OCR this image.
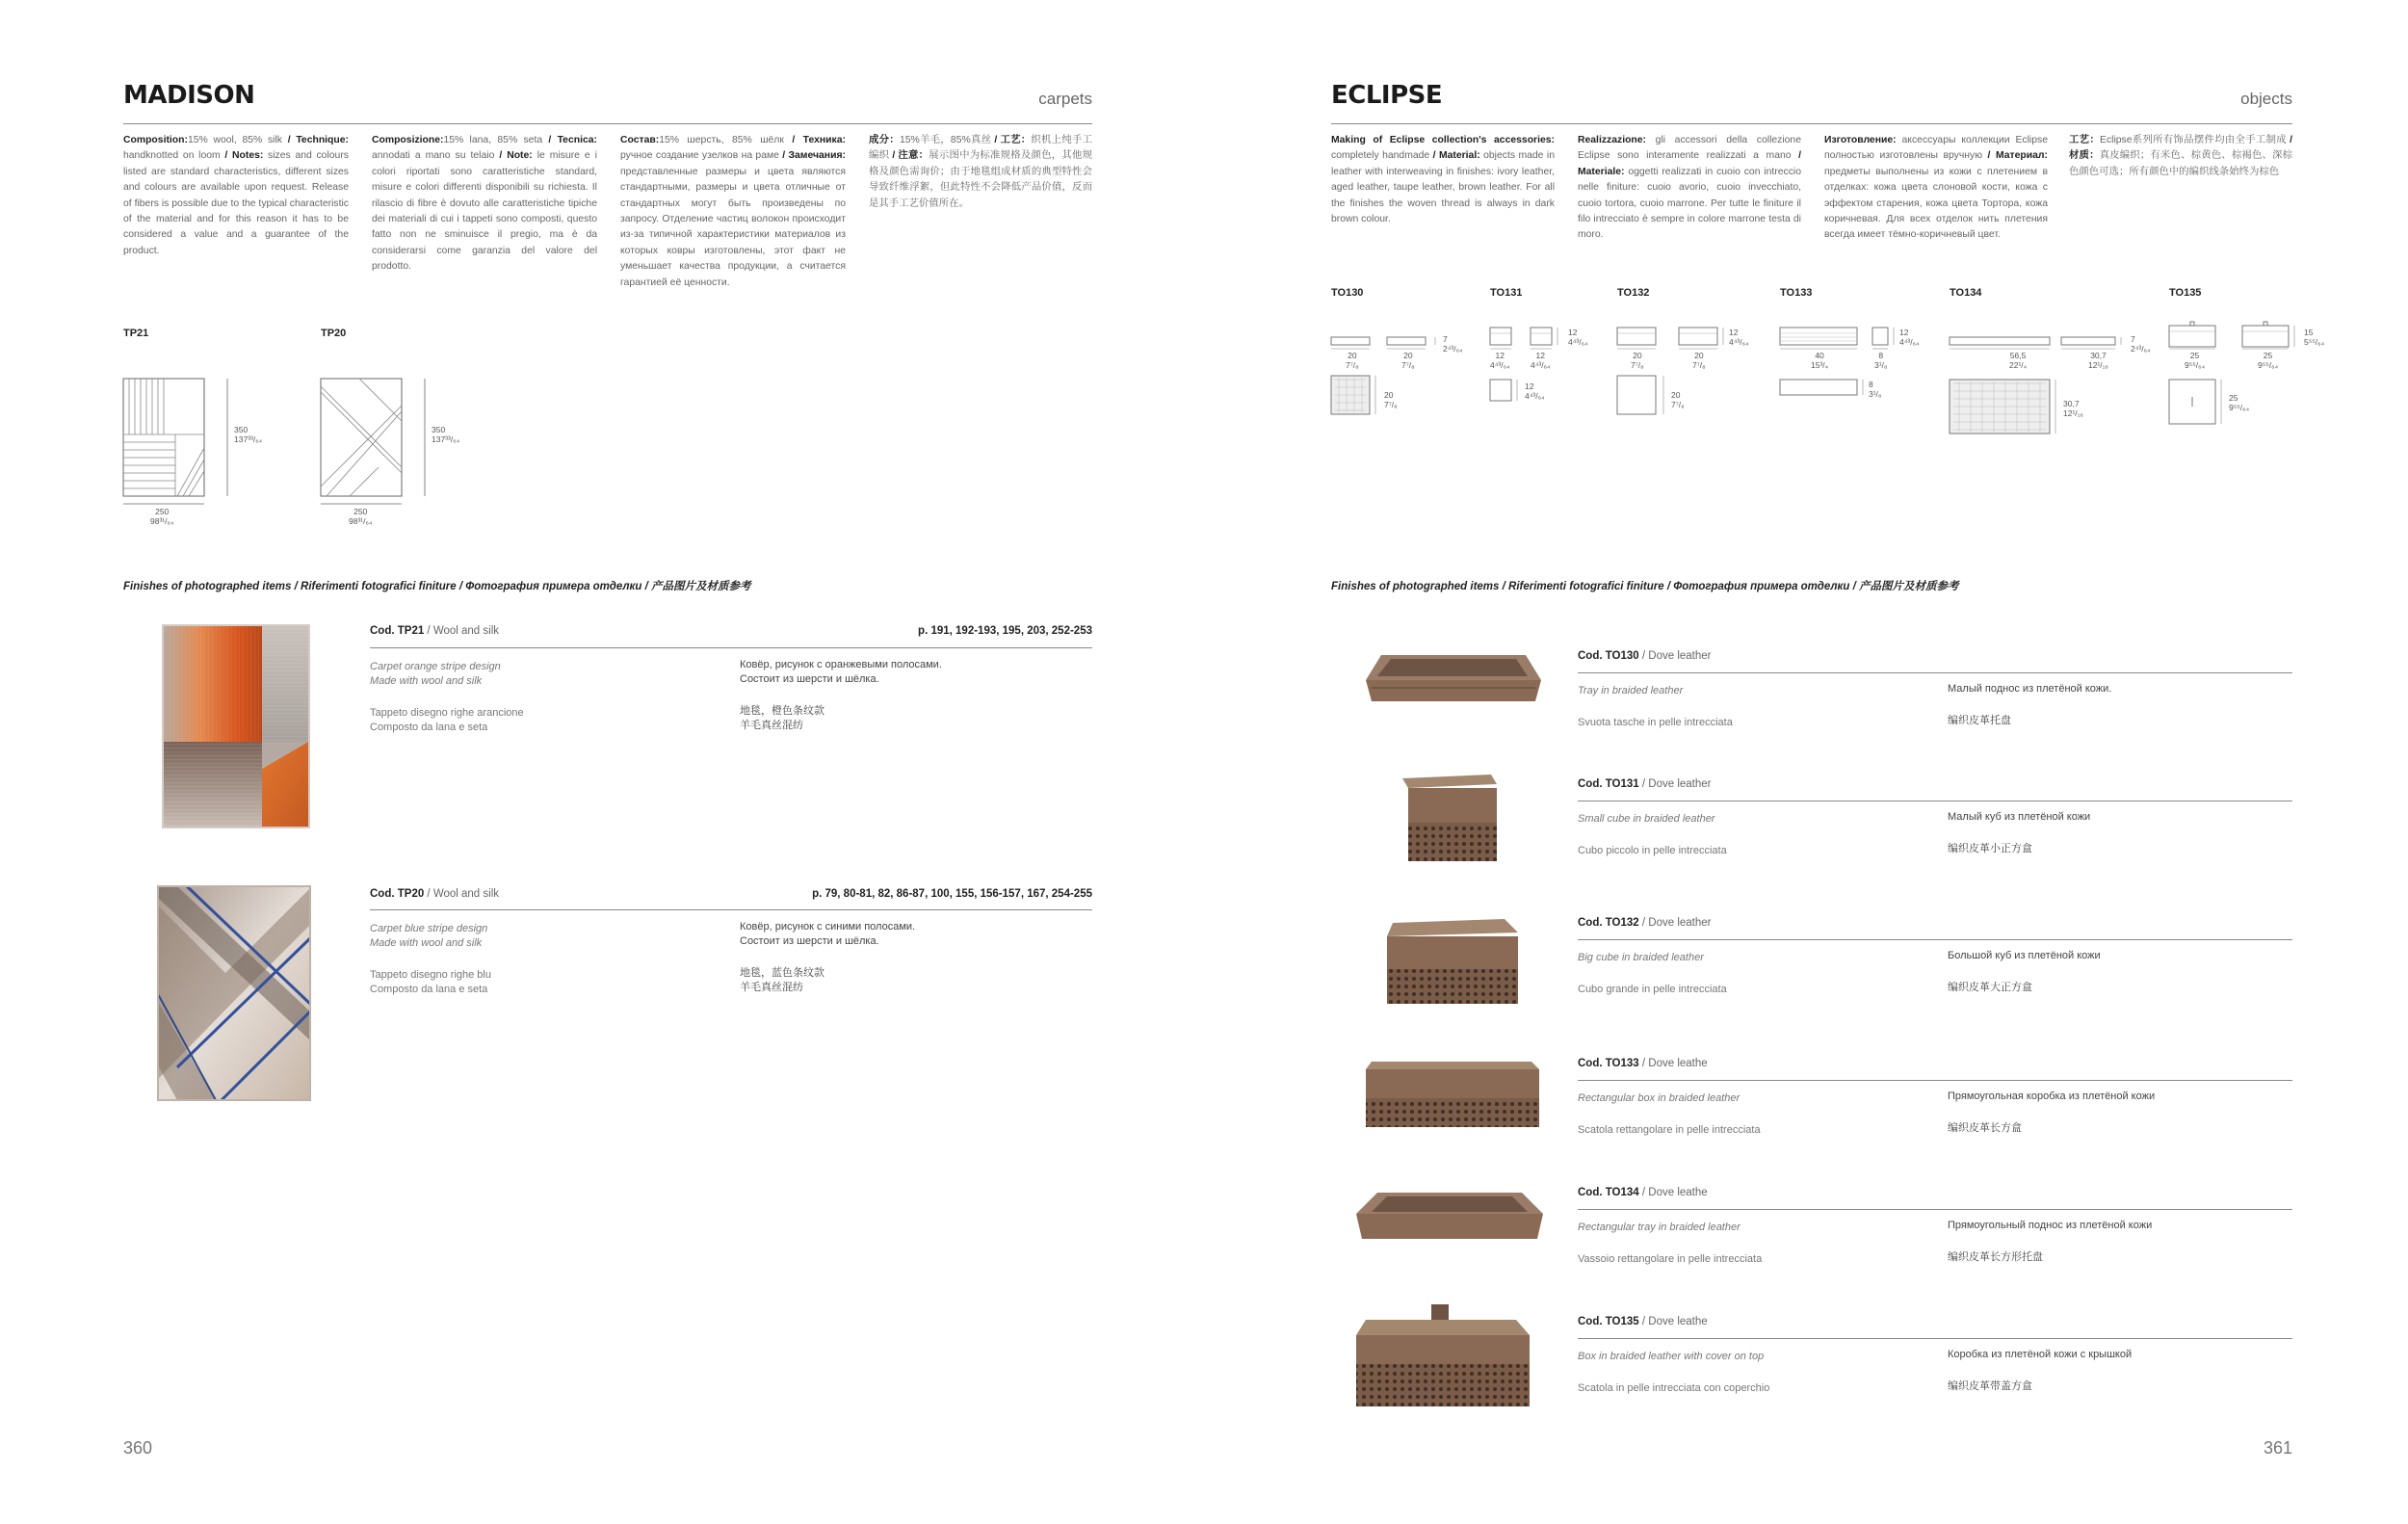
MADISON	carpets
Composition:15% wool, 85% silk / Technique: handknotted on loom / Notes: sizes and colours listed are standard characteristics, different sizes and colours are available upon request. Release of fibers is possible due to the typical characteristic of the material and for this reason it has to be considered a value and a guarantee of the product.
Composizione:15% lana, 85% seta / Tecnica: annodati a mano su telaio / Note: le misure e i colori riportati sono caratteristiche standard, misure e colori differenti disponibili su richiesta. Il rilascio di fibre è dovuto alle caratteristiche tipiche dei materiali di cui i tappeti sono composti, questo fatto non ne sminuisce il pregio, ma è da considerarsi come garanzia del valore del prodotto.
Состав:15% шерсть, 85% шёлк / Техника: ручное создание узелков на раме / Замечания: представленные размеры и цвета являются стандартными, размеры и цвета отличные от стандартных могут быть произведены по запросу. Отделение частиц волокон происходит из-за типичной характеристики материалов из которых ковры изготовлены, этот факт не уменьшает качества продукции, а считается гарантией её ценности.
成分：15%羊毛，85%真丝 / 工艺：织机上纯手工编织 / 注意：展示图中为标准规格及颜色，其他规格及颜色需询价；由于地毯组成材质的典型特性会导致纤维浮絮，但此特性不会降低产品价值，反而是其手工艺价值所在。
TP21	TP20
350
137³³/₆₄
250
98³¹/₆₄
350
137³³/₆₄
250
98³¹/₆₄
Finishes of photographed items / Riferimenti fotografici finiture / Фотография примера отделки / 产品图片及材质参考
Cod. TP21 / Wool and silk	p. 191, 192-193, 195, 203, 252-253
Carpet orange stripe design
Made with wool and silk
Tappeto disegno righe arancione
Composto da lana e seta
Ковёр, рисунок с оранжевыми полосами.
Состоит из шерсти и шёлка.
地毯，橙色条纹款
羊毛真丝混纺
Cod. TP20 / Wool and silk	p. 79, 80-81, 82, 86-87, 100, 155, 156-157, 167, 254-255
Carpet blue stripe design
Made with wool and silk
Tappeto disegno righe blu
Composto da lana e seta
Ковёр, рисунок с синими полосами.
Состоит из шерсти и шёлка.
地毯，蓝色条纹款
羊毛真丝混纺
360
ECLIPSE	objects
Making of Eclipse collection's accessories: completely handmade / Material: objects made in leather with interweaving in finishes: ivory leather, aged leather, taupe leather, brown leather. For all the finishes the woven thread is always in dark brown colour.
Realizzazione: gli accessori della collezione Eclipse sono interamente realizzati a mano / Materiale: oggetti realizzati in cuoio con intreccio nelle finiture: cuoio avorio, cuoio invecchiato, cuoio tortora, cuoio marrone. Per tutte le finiture il filo intrecciato è sempre in colore marrone testa di moro.
Изготовление: аксессуары коллекции Eclipse полностью изготовлены вручную / Материал: предметы выполнены из кожи с плетением в отделках: кожа цвета слоновой кости, кожа с эффектом старения, кожа цвета Тортора, кожа коричневая. Для всех отделок нить плетения всегда имеет тёмно-коричневый цвет.
工艺：Eclipse系列所有饰品摆件均由全手工制成 / 材质：真皮编织；有米色、棕黄色、棕褐色、深棕色颜色可选；所有颜色中的编织线条始终为棕色
TO130	TO131	TO132	TO133	TO134	TO135
20
7⁷/₈
20
7⁷/₈
7
2⁴³/₆₄
20
7⁷/₈
12
4⁴³/₆₄
12
4⁴³/₆₄
12
4⁴³/₆₄
12
4⁴³/₆₄
20
7⁷/₈
20
7⁷/₈
12
4⁴³/₆₄
20
7⁷/₈
40
15³/₄
8
3¹/₈
12
4⁴³/₆₄
8
3¹/₈
56,5
22¹/₄
30,7
12¹/₁₆
7
2⁴³/₆₄
30,7
12¹/₁₆
25
9⁵⁵/₆₄
25
9⁵⁵/₆₄
15
5⁵⁵/₆₄
25
9⁵⁵/₆₄
Finishes of photographed items / Riferimenti fotografici finiture / Фотография примера отделки / 产品图片及材质参考
Cod. TO130 / Dove leather
Tray in braided leather
Svuota tasche in pelle intrecciata
Малый поднос из плетёной кожи.
编织皮革托盘
Cod. TO131 / Dove leather
Small cube in braided leather
Cubo piccolo in pelle intrecciata
Малый куб из плетёной кожи
编织皮革小正方盒
Cod. TO132 / Dove leather
Big cube in braided leather
Cubo grande in pelle intrecciata
Большой куб из плетёной кожи
编织皮革大正方盒
Cod. TO133 / Dove leathe
Rectangular box in braided leather
Scatola rettangolare in pelle intrecciata
Прямоугольная коробка из плетёной кожи
编织皮革长方盒
Cod. TO134 / Dove leathe
Rectangular tray in braided leather
Vassoio rettangolare in pelle intrecciata
Прямоугольный поднос из плетёной кожи
编织皮革长方形托盘
Cod. TO135 / Dove leathe
Box in braided leather with cover on top
Scatola in pelle intrecciata con coperchio
Коробка из плетёной кожи с крышкой
编织皮革带盖方盒
361
